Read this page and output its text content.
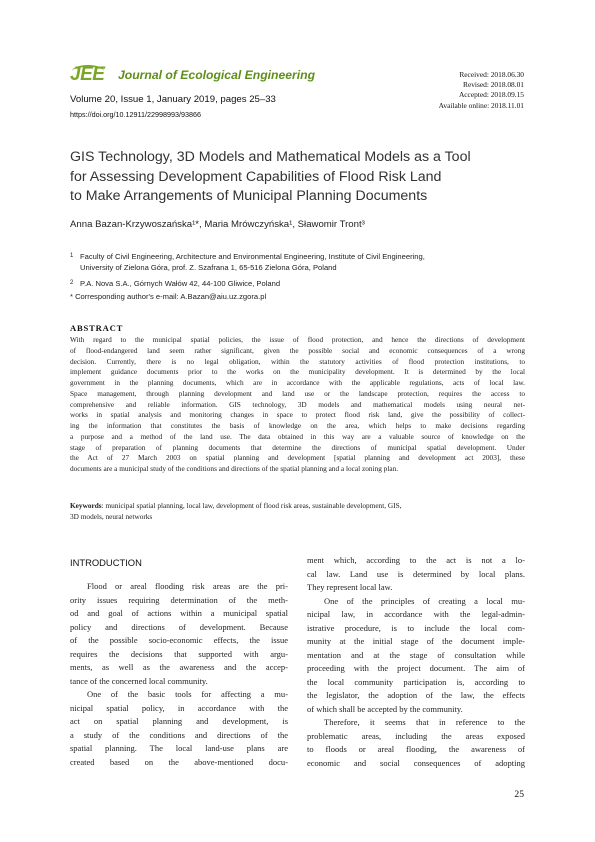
JEE Journal of Ecological Engineering
Volume 20, Issue 1, January 2019, pages 25–33
https://doi.org/10.12911/22998993/93866
Received: 2018.06.30
Revised: 2018.08.01
Accepted: 2018.09.15
Available online: 2018.11.01
GIS Technology, 3D Models and Mathematical Models as a Tool
for Assessing Development Capabilities of Flood Risk Land
to Make Arrangements of Municipal Planning Documents
Anna Bazan-Krzywoszańska¹*, Maria Mrówczyńska¹, Sławomir Tront³
1 Faculty of Civil Engineering, Architecture and Environmental Engineering, Institute of Civil Engineering,
University of Zielona Góra, prof. Z. Szafrana 1, 65-516 Zielona Góra, Poland
2 P.A. Nova S.A., Górnych Wałów 42, 44-100 Gliwice, Poland
* Corresponding author's e-mail: A.Bazan@aiu.uz.zgora.pl
ABSTRACT
With regard to the municipal spatial policies, the issue of flood protection, and hence the directions of development
of flood-endangered land seem rather significant, given the possible social and economic consequences of a wrong
decision. Currently, there is no legal obligation, within the statutory activities of flood protection institutions, to
implement guidance documents prior to the works on the municipality development. It is determined by the local
government in the planning documents, which are in accordance with the applicable regulations, acts of local law.
Space management, through planning development and land use or the landscape protection, requires the access to
comprehensive and reliable information. GIS technology, 3D models and mathematical models using neural net-
works in spatial analysis and monitoring changes in space to protect flood risk land, give the possibility of collect-
ing the information that constitutes the basis of knowledge on the area, which helps to make decisions regarding
a purpose and a method of the land use. The data obtained in this way are a valuable source of knowledge on the
stage of preparation of planning documents that determine the directions of municipal spatial development. Under
the Act of 27 March 2003 on spatial planning and development [spatial planning and development act 2003], these
documents are a municipal study of the conditions and directions of the spatial planning and a local zoning plan.
Keywords: municipal spatial planning, local law, development of flood risk areas, sustainable development, GIS,
3D models, neural networks
INTRODUCTION
Flood or areal flooding risk areas are the pri-
ority issues requiring determination of the meth-
od and goal of actions within a municipal spatial
policy and directions of development. Because
of the possible socio-economic effects, the issue
requires the decisions that supported with argu-
ments, as well as the awareness and the accep-
tance of the concerned local community.
One of the basic tools for affecting a mu-
nicipal spatial policy, in accordance with the
act on spatial planning and development, is
a study of the conditions and directions of the
spatial planning. The local land-use plans are
created based on the above-mentioned docu-
ment which, according to the act is not a lo-
cal law. Land use is determined by local plans.
They represent local law.
One of the principles of creating a local mu-
nicipal law, in accordance with the legal-admin-
istrative procedure, is to include the local com-
munity at the initial stage of the document imple-
mentation and at the stage of consultation while
proceeding with the project document. The aim of
the local community participation is, according to
the legislator, the adoption of the law, the effects
of which shall be accepted by the community.
Therefore, it seems that in reference to the
problematic areas, including the areas exposed
to floods or areal flooding, the awareness of
economic and social consequences of adopting
25
